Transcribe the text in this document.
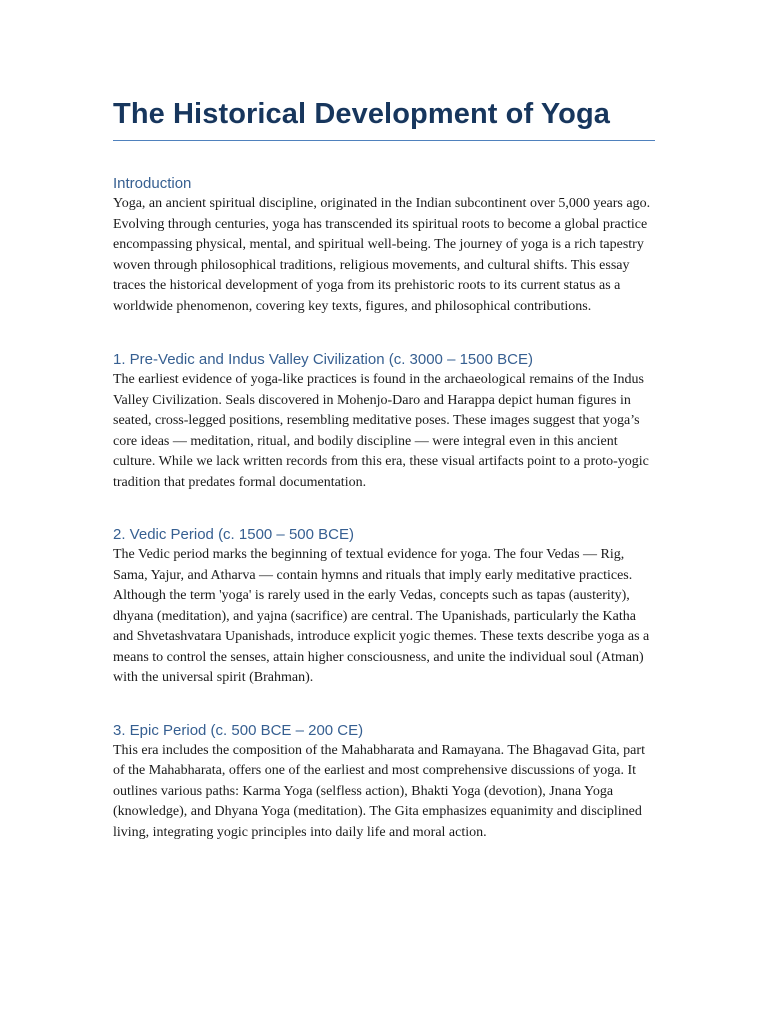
The Historical Development of Yoga
Introduction

Yoga, an ancient spiritual discipline, originated in the Indian subcontinent over 5,000 years ago. Evolving through centuries, yoga has transcended its spiritual roots to become a global practice encompassing physical, mental, and spiritual well-being. The journey of yoga is a rich tapestry woven through philosophical traditions, religious movements, and cultural shifts. This essay traces the historical development of yoga from its prehistoric roots to its current status as a worldwide phenomenon, covering key texts, figures, and philosophical contributions.

1. Pre-Vedic and Indus Valley Civilization (c. 3000 – 1500 BCE)

The earliest evidence of yoga-like practices is found in the archaeological remains of the Indus Valley Civilization. Seals discovered in Mohenjo-Daro and Harappa depict human figures in seated, cross-legged positions, resembling meditative poses. These images suggest that yoga’s core ideas — meditation, ritual, and bodily discipline — were integral even in this ancient culture. While we lack written records from this era, these visual artifacts point to a proto-yogic tradition that predates formal documentation.

2. Vedic Period (c. 1500 – 500 BCE)

The Vedic period marks the beginning of textual evidence for yoga. The four Vedas — Rig, Sama, Yajur, and Atharva — contain hymns and rituals that imply early meditative practices. Although the term 'yoga' is rarely used in the early Vedas, concepts such as tapas (austerity), dhyana (meditation), and yajna (sacrifice) are central. The Upanishads, particularly the Katha and Shvetashvatara Upanishads, introduce explicit yogic themes. These texts describe yoga as a means to control the senses, attain higher consciousness, and unite the individual soul (Atman) with the universal spirit (Brahman).

3. Epic Period (c. 500 BCE – 200 CE)

This era includes the composition of the Mahabharata and Ramayana. The Bhagavad Gita, part of the Mahabharata, offers one of the earliest and most comprehensive discussions of yoga. It outlines various paths: Karma Yoga (selfless action), Bhakti Yoga (devotion), Jnana Yoga (knowledge), and Dhyana Yoga (meditation). The Gita emphasizes equanimity and disciplined living, integrating yogic principles into daily life and moral action.
